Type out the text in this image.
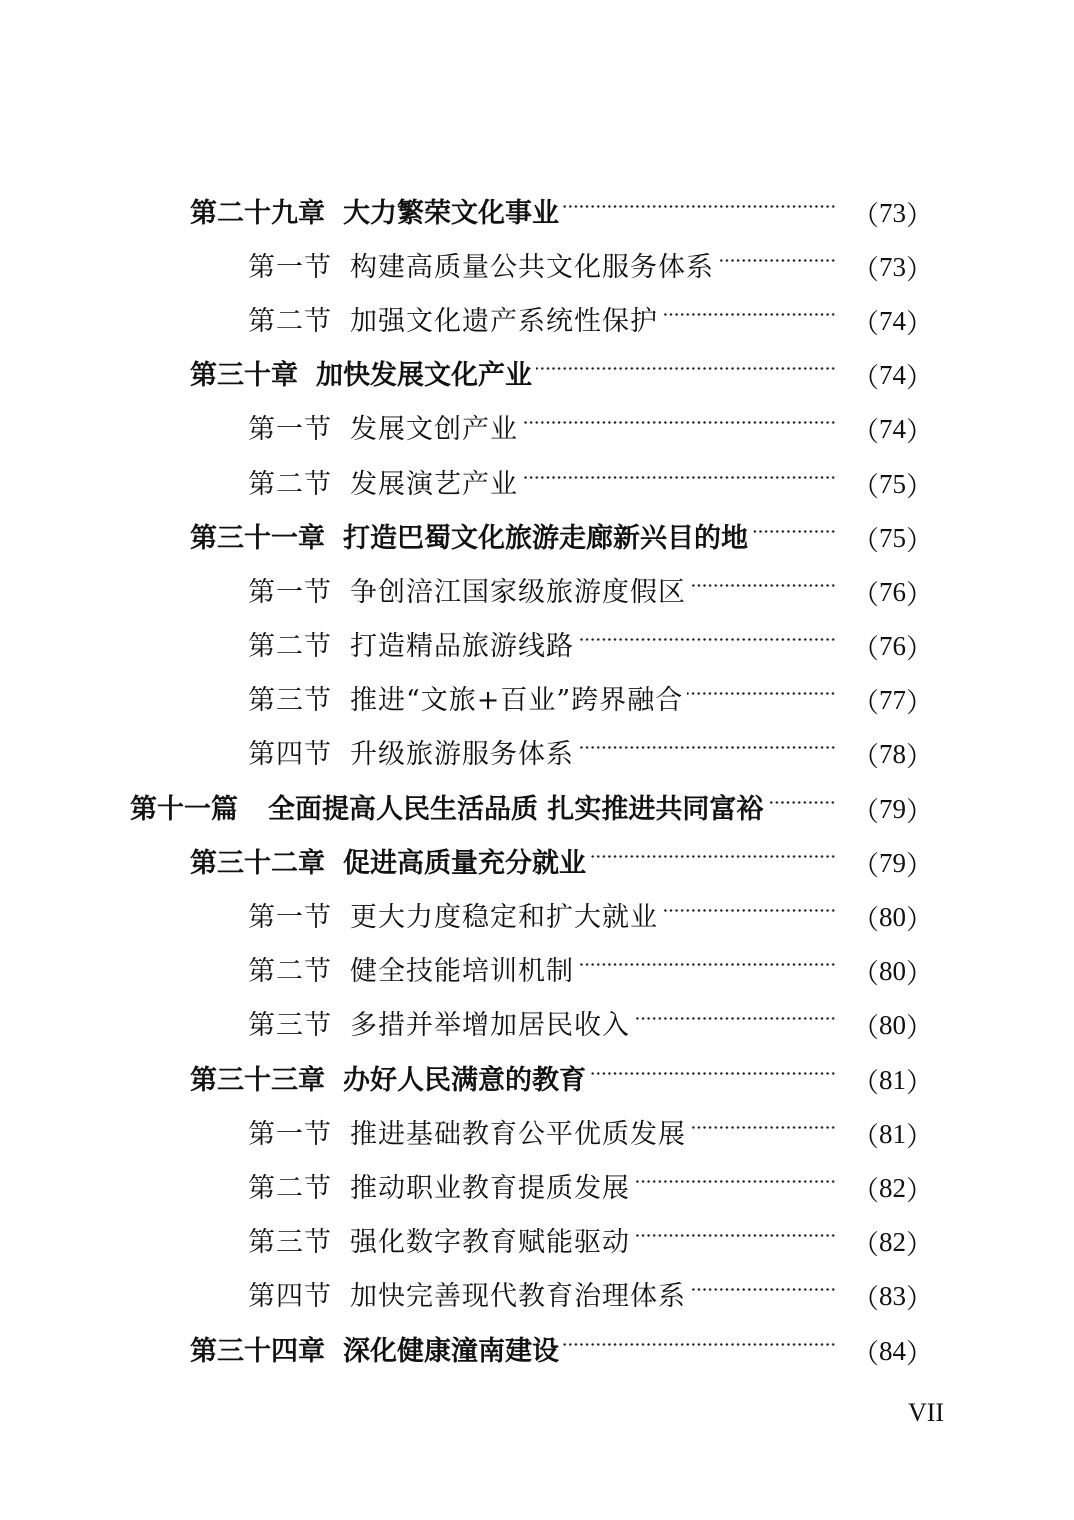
第二十九章 大力繁荣文化事业	（ 73 ）
第一节 构建高质量公共文化服务体系	（ 73 ）
第二节 加强文化遗产系统性保护	（ 74 ）
第三十章 加快发展文化产业	（ 74 ）
第一节 发展文创产业	（ 74 ）
第二节 发展演艺产业	（ 75 ）
第三十一章 打造巴蜀文化旅游走廊新兴目的地	（ 75 ）
第一节 争创涪江国家级旅游度假区	（ 76 ）
第二节 打造精品旅游线路	（ 76 ）
第三节 推进“文旅+百业”跨界融合	（ 77 ）
第四节 升级旅游服务体系	（ 78 ）
第十一篇 全面提高人民生活品质 扎实推进共同富裕	（ 79 ）
第三十二章 促进高质量充分就业	（ 79 ）
第一节 更大力度稳定和扩大就业	（ 80 ）
第二节 健全技能培训机制	（ 80 ）
第三节 多措并举增加居民收入	（ 80 ）
第三十三章 办好人民满意的教育	（ 81 ）
第一节 推进基础教育公平优质发展	（ 81 ）
第二节 推动职业教育提质发展	（ 82 ）
第三节 强化数字教育赋能驱动	（ 82 ）
第四节 加快完善现代教育治理体系	（ 83 ）
第三十四章 深化健康潼南建设	（ 84 ）
VII
